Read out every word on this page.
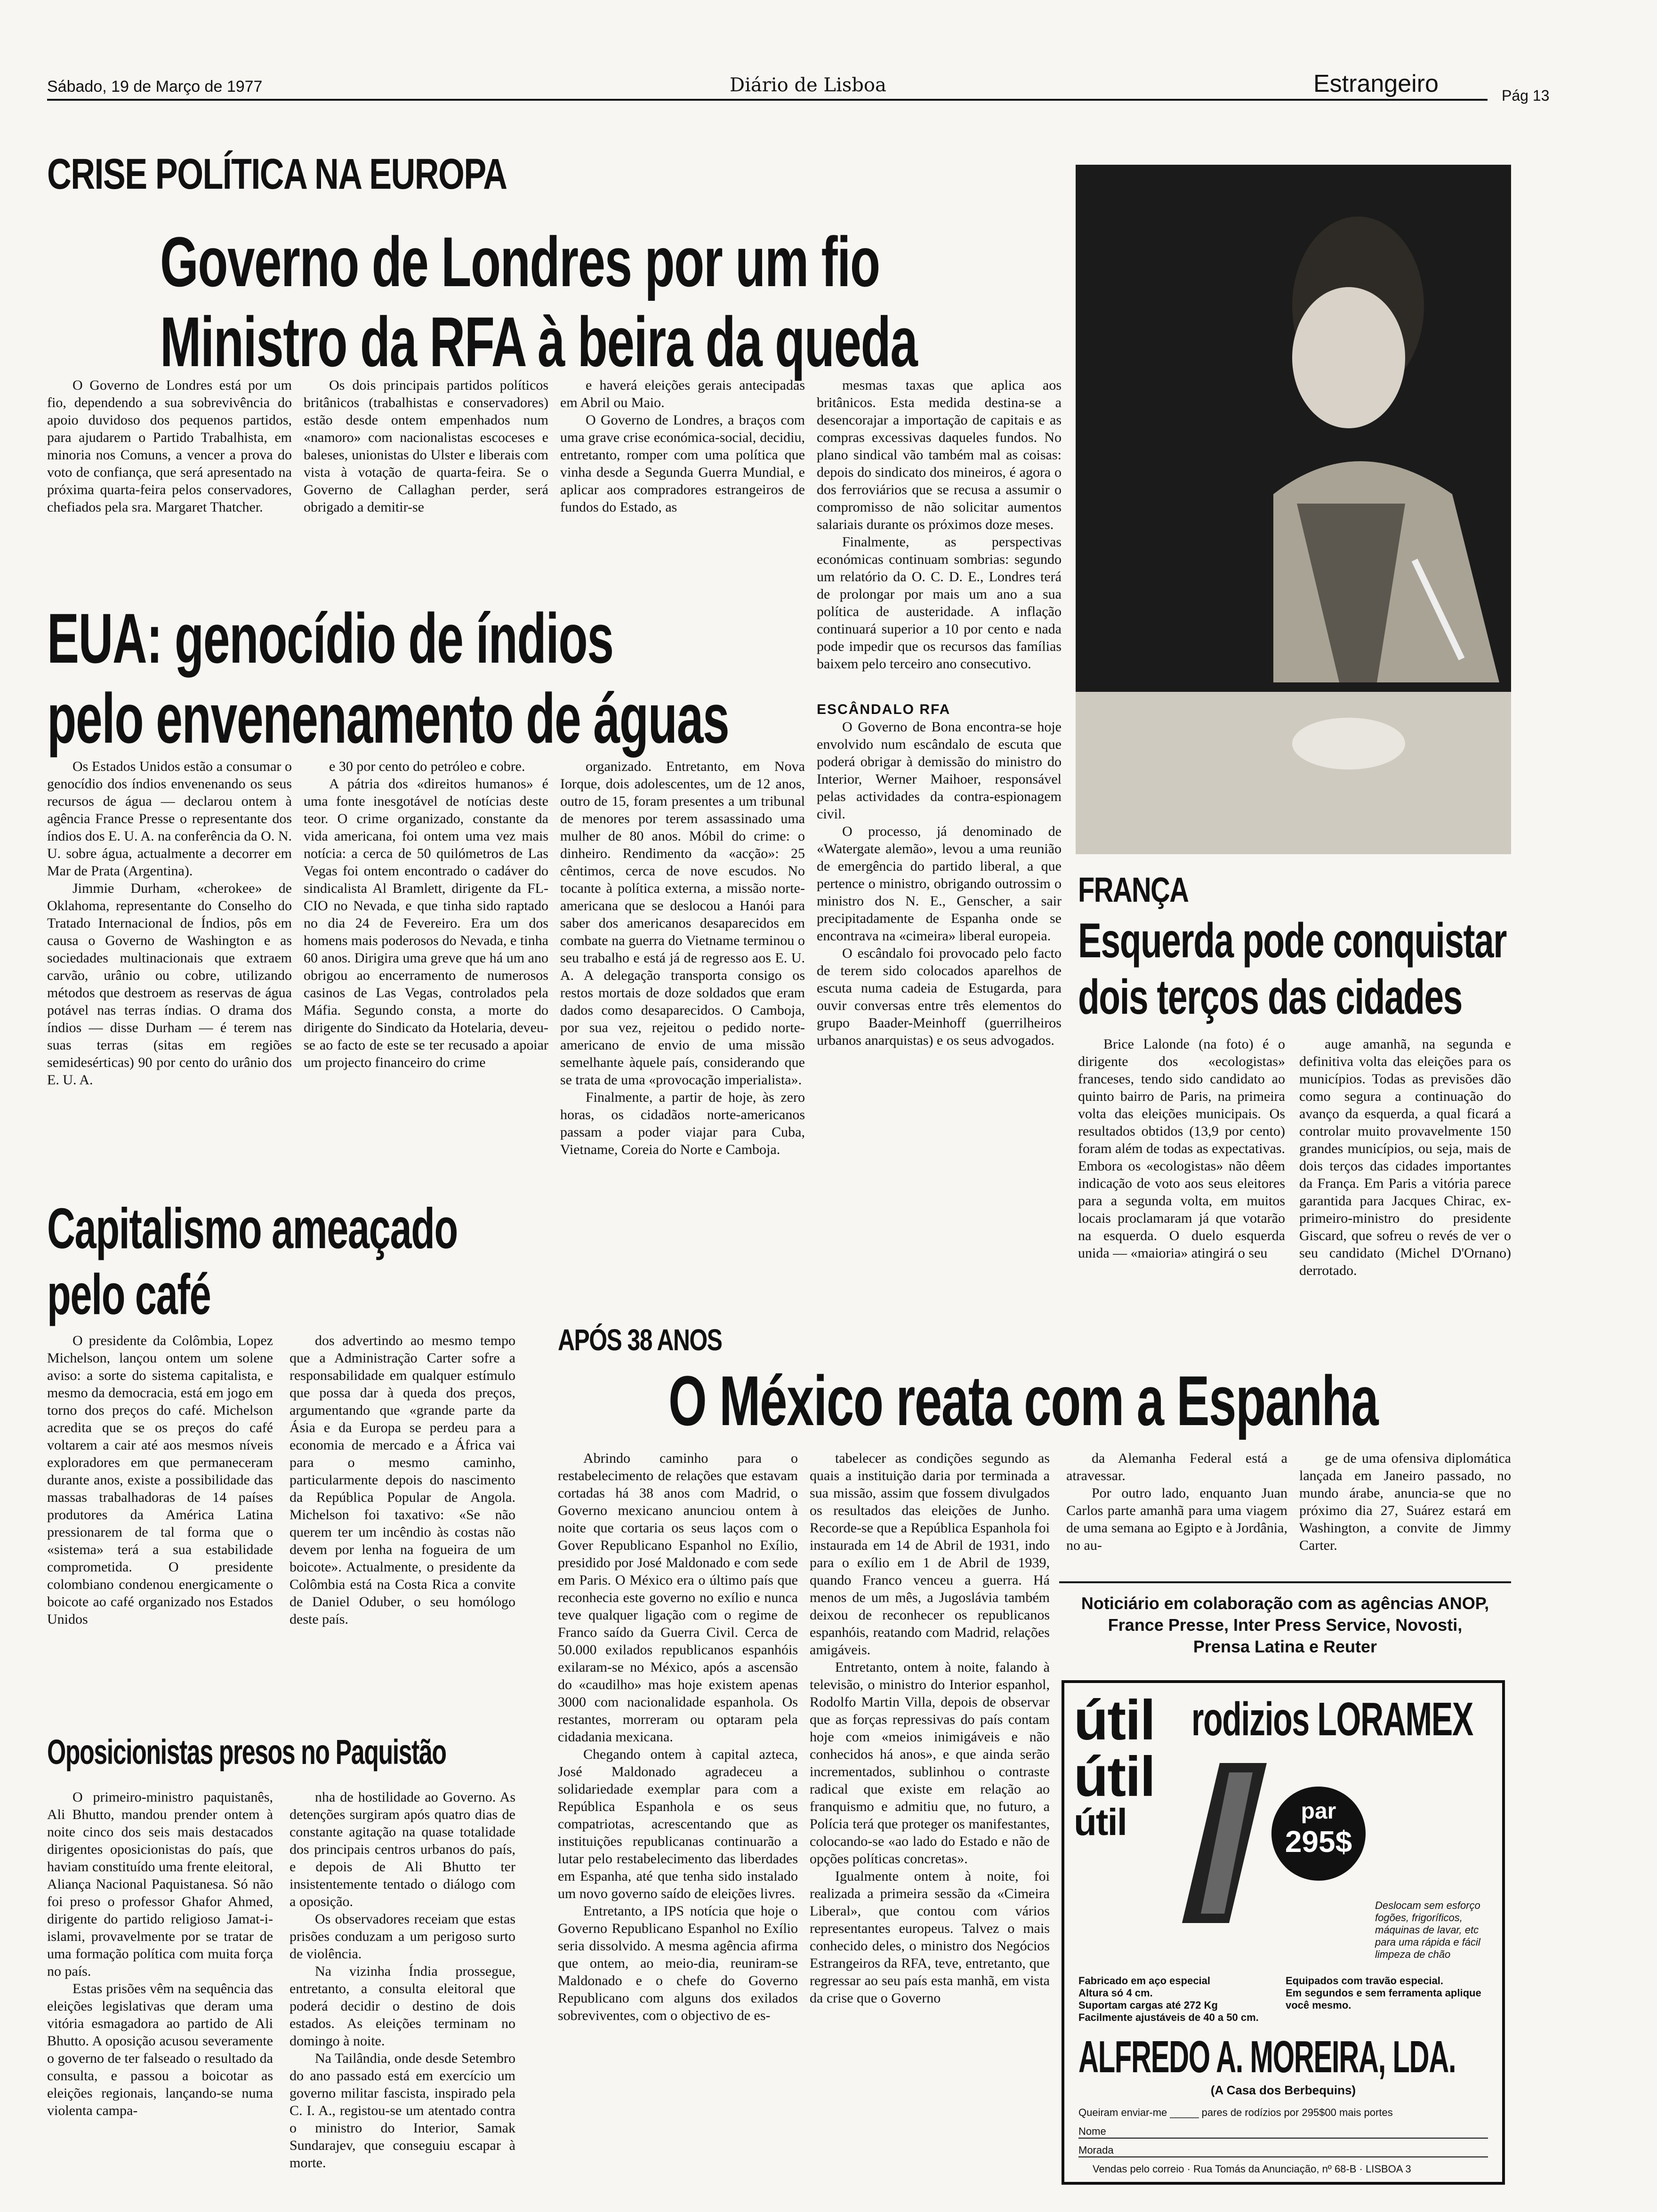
Sábado, 19 de Março de 1977	Diário de Lisboa	Estrangeiro	Pág 13
CRISE POLÍTICA NA EUROPA
Governo de Londres por um fio
Ministro da RFA à beira da queda

O Governo de Londres está por um fio, dependendo a sua sobrevivência do apoio duvidoso dos pequenos partidos, para ajudarem o Partido Trabalhista, em minoria nos Comuns, a vencer a prova do voto de confiança, que será apresentado na próxima quarta-feira pelos conservadores, chefiados pela sra. Margaret Thatcher.

Os dois principais partidos políticos britânicos (trabalhistas e conservadores) estão desde ontem empenhados num «namoro» com nacionalistas escoceses e baleses, unionistas do Ulster e liberais com vista à votação de quarta-feira. Se o Governo de Callaghan perder, será obrigado a demitir-se

e haverá eleições gerais antecipadas em Abril ou Maio.

O Governo de Londres, a braços com uma grave crise económica-social, decidiu, entretanto, romper com uma política que vinha desde a Segunda Guerra Mundial, e aplicar aos compradores estrangeiros de fundos do Estado, as

mesmas taxas que aplica aos britânicos. Esta medida destina-se a desencorajar a importação de capitais e as compras excessivas daqueles fundos. No plano sindical vão também mal as coisas: depois do sindicato dos mineiros, é agora o dos ferroviários que se recusa a assumir o compromisso de não solicitar aumentos salariais durante os próximos doze meses.

Finalmente, as perspectivas económicas continuam sombrias: segundo um relatório da O. C. D. E., Londres terá de prolongar por mais um ano a sua política de austeridade. A inflação continuará superior a 10 por cento e nada pode impedir que os recursos das famílias baixem pelo terceiro ano consecutivo.

ESCÂNDALO RFA

O Governo de Bona encontra-se hoje envolvido num escândalo de escuta que poderá obrigar à demissão do ministro do Interior, Werner Maihoer, responsável pelas actividades da contra-espionagem civil.

O processo, já denominado de «Watergate alemão», levou a uma reunião de emergência do partido liberal, a que pertence o ministro, obrigando outrossim o ministro dos N. E., Genscher, a sair precipitadamente de Espanha onde se encontrava na «cimeira» liberal europeia.

O escândalo foi provocado pelo facto de terem sido colocados aparelhos de escuta numa cadeia de Estugarda, para ouvir conversas entre três elementos do grupo Baader-Meinhoff (guerrilheiros urbanos anarquistas) e os seus advogados.

FRANÇA
Esquerda pode conquistar
dois terços das cidades

Brice Lalonde (na foto) é o dirigente dos «ecologistas» franceses, tendo sido candidato ao quinto bairro de Paris, na primeira volta das eleições municipais. Os resultados obtidos (13,9 por cento) foram além de todas as expectativas. Embora os «ecologistas» não dêem indicação de voto aos seus eleitores para a segunda volta, em muitos locais proclamaram já que votarão na esquerda. O duelo esquerda unida — «maioria» atingirá o seu

auge amanhã, na segunda e definitiva volta das eleições para os municípios. Todas as previsões dão como segura a continuação do avanço da esquerda, a qual ficará a controlar muito provavelmente 150 grandes municípios, ou seja, mais de dois terços das cidades importantes da França. Em Paris a vitória parece garantida para Jacques Chirac, ex-primeiro-ministro do presidente Giscard, que sofreu o revés de ver o seu candidato (Michel D'Ornano) derrotado.

EUA: genocídio de índios
pelo envenenamento de águas

Os Estados Unidos estão a consumar o genocídio dos índios envenenando os seus recursos de água — declarou ontem à agência France Presse o representante dos índios dos E. U. A. na conferência da O. N. U. sobre água, actualmente a decorrer em Mar de Prata (Argentina).

Jimmie Durham, «cherokee» de Oklahoma, representante do Conselho do Tratado Internacional de Índios, pôs em causa o Governo de Washington e as sociedades multinacionais que extraem carvão, urânio ou cobre, utilizando métodos que destroem as reservas de água potável nas terras índias. O drama dos índios — disse Durham — é terem nas suas terras (sitas em regiões semidesérticas) 90 por cento do urânio dos E. U. A.

e 30 por cento do petróleo e cobre.

A pátria dos «direitos humanos» é uma fonte inesgotável de notícias deste teor. O crime organizado, constante da vida americana, foi ontem uma vez mais notícia: a cerca de 50 quilómetros de Las Vegas foi ontem encontrado o cadáver do sindicalista Al Bramlett, dirigente da FL-CIO no Nevada, e que tinha sido raptado no dia 24 de Fevereiro. Era um dos homens mais poderosos do Nevada, e tinha 60 anos. Dirigira uma greve que há um ano obrigou ao encerramento de numerosos casinos de Las Vegas, controlados pela Máfia. Segundo consta, a morte do dirigente do Sindicato da Hotelaria, deveu-se ao facto de este se ter recusado a apoiar um projecto financeiro do crime

organizado. Entretanto, em Nova Iorque, dois adolescentes, um de 12 anos, outro de 15, foram presentes a um tribunal de menores por terem assassinado uma mulher de 80 anos. Móbil do crime: o dinheiro. Rendimento da «acção»: 25 cêntimos, cerca de nove escudos. No tocante à política externa, a missão norte-americana que se deslocou a Hanói para saber dos americanos desaparecidos em combate na guerra do Vietname terminou o seu trabalho e está já de regresso aos E. U. A. A delegação transporta consigo os restos mortais de doze soldados que eram dados como desaparecidos. O Camboja, por sua vez, rejeitou o pedido norte-americano de envio de uma missão semelhante àquele país, considerando que se trata de uma «provocação imperialista».

Finalmente, a partir de hoje, às zero horas, os cidadãos norte-americanos passam a poder viajar para Cuba, Vietname, Coreia do Norte e Camboja.

Capitalismo ameaçado
pelo café

O presidente da Colômbia, Lopez Michelson, lançou ontem um solene aviso: a sorte do sistema capitalista, e mesmo da democracia, está em jogo em torno dos preços do café. Michelson acredita que se os preços do café voltarem a cair até aos mesmos níveis exploradores em que permaneceram durante anos, existe a possibilidade das massas trabalhadoras de 14 países produtores da América Latina pressionarem de tal forma que o «sistema» terá a sua estabilidade comprometida. O presidente colombiano condenou energicamente o boicote ao café organizado nos Estados Unidos

dos advertindo ao mesmo tempo que a Administração Carter sofre a responsabilidade em qualquer estímulo que possa dar à queda dos preços, argumentando que «grande parte da Ásia e da Europa se perdeu para a economia de mercado e a África vai para o mesmo caminho, particularmente depois do nascimento da República Popular de Angola. Michelson foi taxativo: «Se não querem ter um incêndio às costas não devem por lenha na fogueira de um boicote». Actualmente, o presidente da Colômbia está na Costa Rica a convite de Daniel Oduber, o seu homólogo deste país.

Oposicionistas presos no Paquistão

O primeiro-ministro paquistanês, Ali Bhutto, mandou prender ontem à noite cinco dos seis mais destacados dirigentes oposicionistas do país, que haviam constituído uma frente eleitoral, Aliança Nacional Paquistanesa. Só não foi preso o professor Ghafor Ahmed, dirigente do partido religioso Jamat-i-islami, provavelmente por se tratar de uma formação política com muita força no país.

Estas prisões vêm na sequência das eleições legislativas que deram uma vitória esmagadora ao partido de Ali Bhutto. A oposição acusou severamente o governo de ter falseado o resultado da consulta, e passou a boicotar as eleições regionais, lançando-se numa violenta campa-

nha de hostilidade ao Governo. As detenções surgiram após quatro dias de constante agitação na quase totalidade dos principais centros urbanos do país, e depois de Ali Bhutto ter insistentemente tentado o diálogo com a oposição.

Os observadores receiam que estas prisões conduzam a um perigoso surto de violência.

Na vizinha Índia prossegue, entretanto, a consulta eleitoral que poderá decidir o destino de dois estados. As eleições terminam no domingo à noite.

Na Tailândia, onde desde Setembro do ano passado está em exercício um governo militar fascista, inspirado pela C. I. A., registou-se um atentado contra o ministro do Interior, Samak Sundarajev, que conseguiu escapar à morte.

APÓS 38 ANOS
O México reata com a Espanha

Abrindo caminho para o restabelecimento de relações que estavam cortadas há 38 anos com Madrid, o Governo mexicano anunciou ontem à noite que cortaria os seus laços com o Gover Republicano Espanhol no Exílio, presidido por José Maldonado e com sede em Paris. O México era o último país que reconhecia este governo no exílio e nunca teve qualquer ligação com o regime de Franco saído da Guerra Civil. Cerca de 50.000 exilados republicanos espanhóis exilaram-se no México, após a ascensão do «caudilho» mas hoje existem apenas 3000 com nacionalidade espanhola. Os restantes, morreram ou optaram pela cidadania mexicana.

Chegando ontem à capital azteca, José Maldonado agradeceu a solidariedade exemplar para com a República Espanhola e os seus compatriotas, acrescentando que as instituições republicanas continuarão a lutar pelo restabelecimento das liberdades em Espanha, até que tenha sido instalado um novo governo saído de eleições livres.

Entretanto, a IPS notícia que hoje o Governo Republicano Espanhol no Exílio seria dissolvido. A mesma agência afirma que ontem, ao meio-dia, reuniram-se Maldonado e o chefe do Governo Republicano com alguns dos exilados sobreviventes, com o objectivo de es-

tabelecer as condições segundo as quais a instituição daria por terminada a sua missão, assim que fossem divulgados os resultados das eleições de Junho. Recorde-se que a República Espanhola foi instaurada em 14 de Abril de 1931, indo para o exílio em 1 de Abril de 1939, quando Franco venceu a guerra. Há menos de um mês, a Jugoslávia também deixou de reconhecer os republicanos espanhóis, reatando com Madrid, relações amigáveis.

Entretanto, ontem à noite, falando à televisão, o ministro do Interior espanhol, Rodolfo Martin Villa, depois de observar que as forças repressivas do país contam hoje com «meios inimigáveis e não conhecidos há anos», e que ainda serão incrementados, sublinhou o contraste radical que existe em relação ao franquismo e admitiu que, no futuro, a Polícia terá que proteger os manifestantes, colocando-se «ao lado do Estado e não de opções políticas concretas».

Igualmente ontem à noite, foi realizada a primeira sessão da «Cimeira Liberal», que contou com vários representantes europeus. Talvez o mais conhecido deles, o ministro dos Negócios Estrangeiros da RFA, teve, entretanto, que regressar ao seu país esta manhã, em vista da crise que o Governo

da Alemanha Federal está a atravessar.

Por outro lado, enquanto Juan Carlos parte amanhã para uma viagem de uma semana ao Egipto e à Jordânia, no au-

ge de uma ofensiva diplomática lançada em Janeiro passado, no mundo árabe, anuncia-se que no próximo dia 27, Suárez estará em Washington, a convite de Jimmy Carter.

Noticiário em colaboração com as agências ANOP,
France Presse, Inter Press Service, Novosti,
Prensa Latina e Reuter
útil
útil
útil
rodizios LORAMEX
par
295$
Deslocam sem esforço fogões, frigoríficos, máquinas de lavar, etc para uma rápida e fácil limpeza de chão
Fabricado em aço especial
Altura só 4 cm.
Suportam cargas até 272 Kg
Facilmente ajustáveis de 40 a 50 cm.
Equipados com travão especial.
Em segundos e sem ferramenta aplique você mesmo.
ALFREDO A. MOREIRA, LDA.
(A Casa dos Berbequins)
Queiram enviar-me _____ pares de rodízios por 295$00 mais portes
Nome
Morada
Vendas pelo correio · Rua Tomás da Anunciação, nº 68-B · LISBOA 3
